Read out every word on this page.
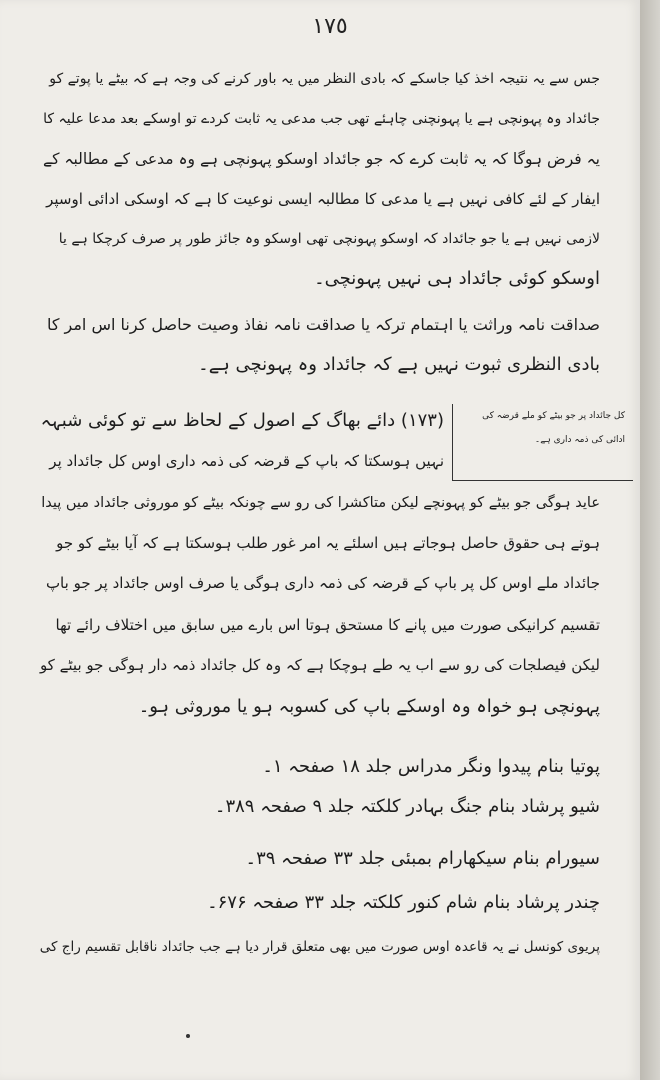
١٧٥
جس سے یہ نتیجہ اخذ کیا جاسکے کہ بادی النظر میں یہ باور کرنے کی وجہ ہے کہ بیٹے یا پوتے کو
جائداد وہ پہونچی ہے یا پہونچنی چاہئے تھی جب مدعی یہ ثابت کردے تو اوسکے بعد مدعا علیہ کا
یہ فرض ہوگا کہ یہ ثابت کرے کہ جو جائداد اوسکو پہونچی ہے وہ مدعی کے مطالبہ کے
ایفار کے لئے کافی نہیں ہے یا مدعی کا مطالبہ ایسی نوعیت کا ہے کہ اوسکی ادائی اوسپر
لازمی نہیں ہے یا جو جائداد کہ اوسکو پہونچی تھی اوسکو وہ جائز طور پر صرف کرچکا ہے یا
اوسکو کوئی جائداد ہی نہیں پہونچی۔
صداقت نامہ وراثت یا اہتمام ترکہ یا صداقت نامہ نفاذ وصیت حاصل کرنا اس امر کا
بادی النظری ثبوت نہیں ہے کہ جائداد وہ پہونچی ہے۔
کل جائداد پر جو بیٹے کو ملے قرضہ کی
ادائی کی ذمہ داری ہے۔
(۱۷۳) دائے بھاگ کے اصول کے لحاظ سے تو کوئی شبہہ
نہیں ہوسکتا کہ باپ کے قرضہ کی ذمہ داری اوس کل جائداد پر
عاید ہوگی جو بیٹے کو پہونچے لیکن متاکشرا کی رو سے چونکہ بیٹے کو موروثی جائداد میں پیدا
ہوتے ہی حقوق حاصل ہوجاتے ہیں اسلئے یہ امر غور طلب ہوسکتا ہے کہ آیا بیٹے کو جو
جائداد ملے اوس کل پر باپ کے قرضہ کی ذمہ داری ہوگی یا صرف اوس جائداد پر جو باپ
تقسیم کرانیکی صورت میں پانے کا مستحق ہوتا اس بارے میں سابق میں اختلاف رائے تھا
لیکن فیصلجات کی رو سے اب یہ طے ہوچکا ہے کہ وہ کل جائداد ذمہ دار ہوگی جو بیٹے کو
پہونچی ہو خواہ وہ اوسکے باپ کی کسوبہ ہو یا موروثی ہو۔
پوتیا بنام پیدوا ونگر مدراس جلد ۱۸ صفحہ ۱۔
شیو پرشاد بنام جنگ بہادر کلکتہ جلد ۹ صفحہ ۳۸۹۔
سیورام بنام سیکھارام بمبئی جلد ۳۳ صفحہ ۳۹۔
چندر پرشاد بنام شام کنور کلکتہ جلد ۳۳ صفحہ ۶۷۶۔
پریوی کونسل نے یہ قاعدہ اوس صورت میں بھی متعلق قرار دیا ہے جب جائداد ناقابل تقسیم راج کی
